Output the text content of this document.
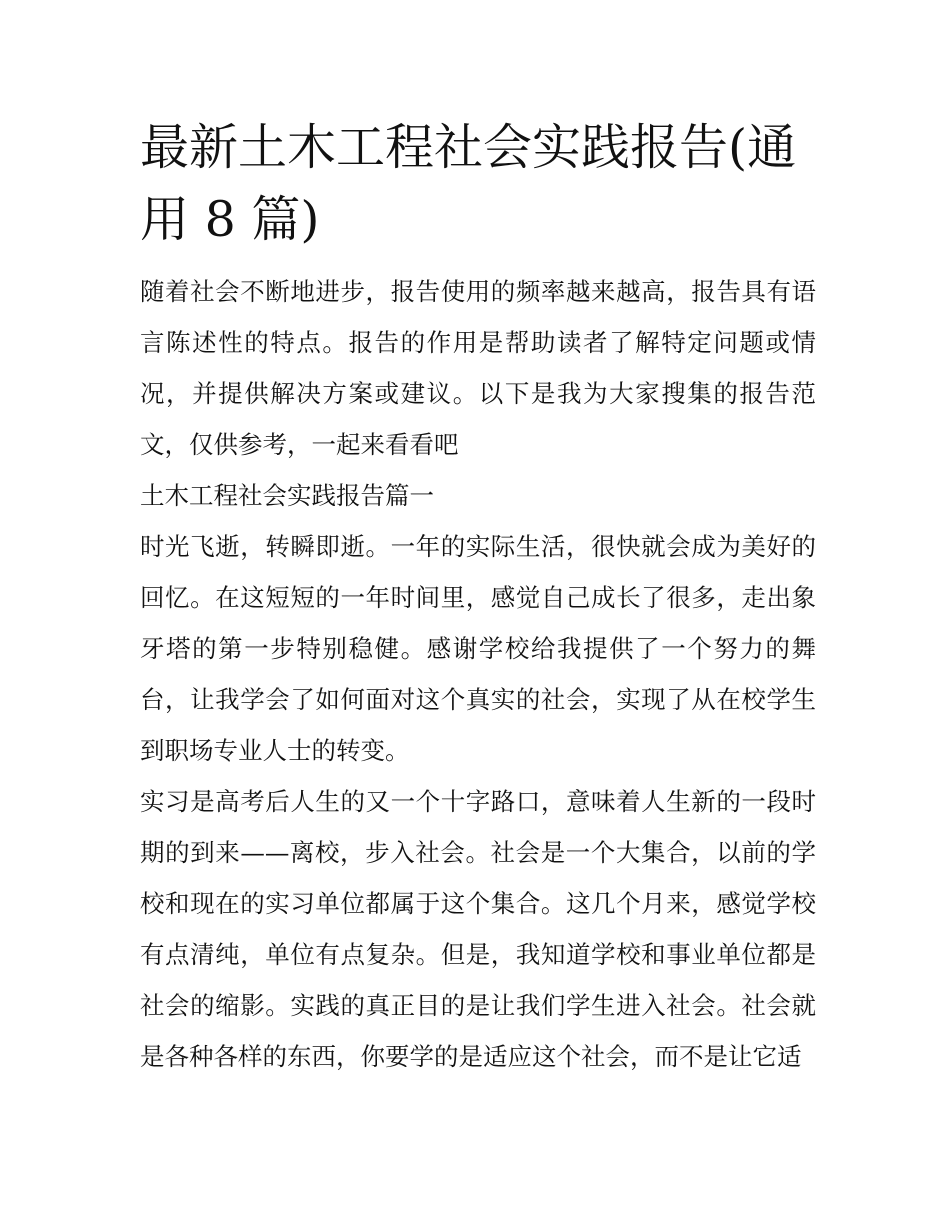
最新土木工程社会实践报告(通用 8 篇)

随着社会不断地进步，报告使用的频率越来越高，报告具有语言陈述性的特点。报告的作用是帮助读者了解特定问题或情况，并提供解决方案或建议。以下是我为大家搜集的报告范文，仅供参考，一起来看看吧

土木工程社会实践报告篇一

时光飞逝，转瞬即逝。一年的实际生活，很快就会成为美好的回忆。在这短短的一年时间里，感觉自己成长了很多，走出象牙塔的第一步特别稳健。感谢学校给我提供了一个努力的舞台，让我学会了如何面对这个真实的社会，实现了从在校学生到职场专业人士的转变。

实习是高考后人生的又一个十字路口，意味着人生新的一段时期的到来——离校，步入社会。社会是一个大集合，以前的学校和现在的实习单位都属于这个集合。这几个月来，感觉学校有点清纯，单位有点复杂。但是，我知道学校和事业单位都是社会的缩影。实践的真正目的是让我们学生进入社会。社会就是各种各样的东西，你要学的是适应这个社会，而不是让它适
